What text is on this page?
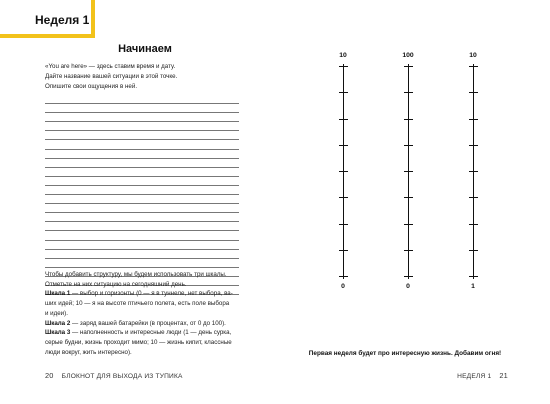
Неделя 1
Начинаем
«You are here» — здесь ставим время и дату.
Дайте название вашей ситуации в этой точке.
Опишите свои ощущения в ней.
Чтобы добавить структуру, мы будем использовать три шкалы.
Отметьте на них ситуацию на сегодняшний день.
Шкала 1 — выбор и горизонты (0 — я в туннеле, нет выбора, ва-
ших идей; 10 — я на высоте птичьего полета, есть поле выбора
и идеи).
Шкала 2 — заряд вашей батарейки (в процентах, от 0 до 100).
Шкала 3 — наполненность и интересные люди (1 — день сурка,
серые будни, жизнь проходит мимо; 10 — жизнь кипит, классные
люди вокруг, жить интересно).
20 БЛОКНОТ ДЛЯ ВЫХОДА ИЗ ТУПИКА
10
0
100
0
10
1
Первая неделя будет про интересную жизнь. Добавим огня!
НЕДЕЛЯ 1 21
